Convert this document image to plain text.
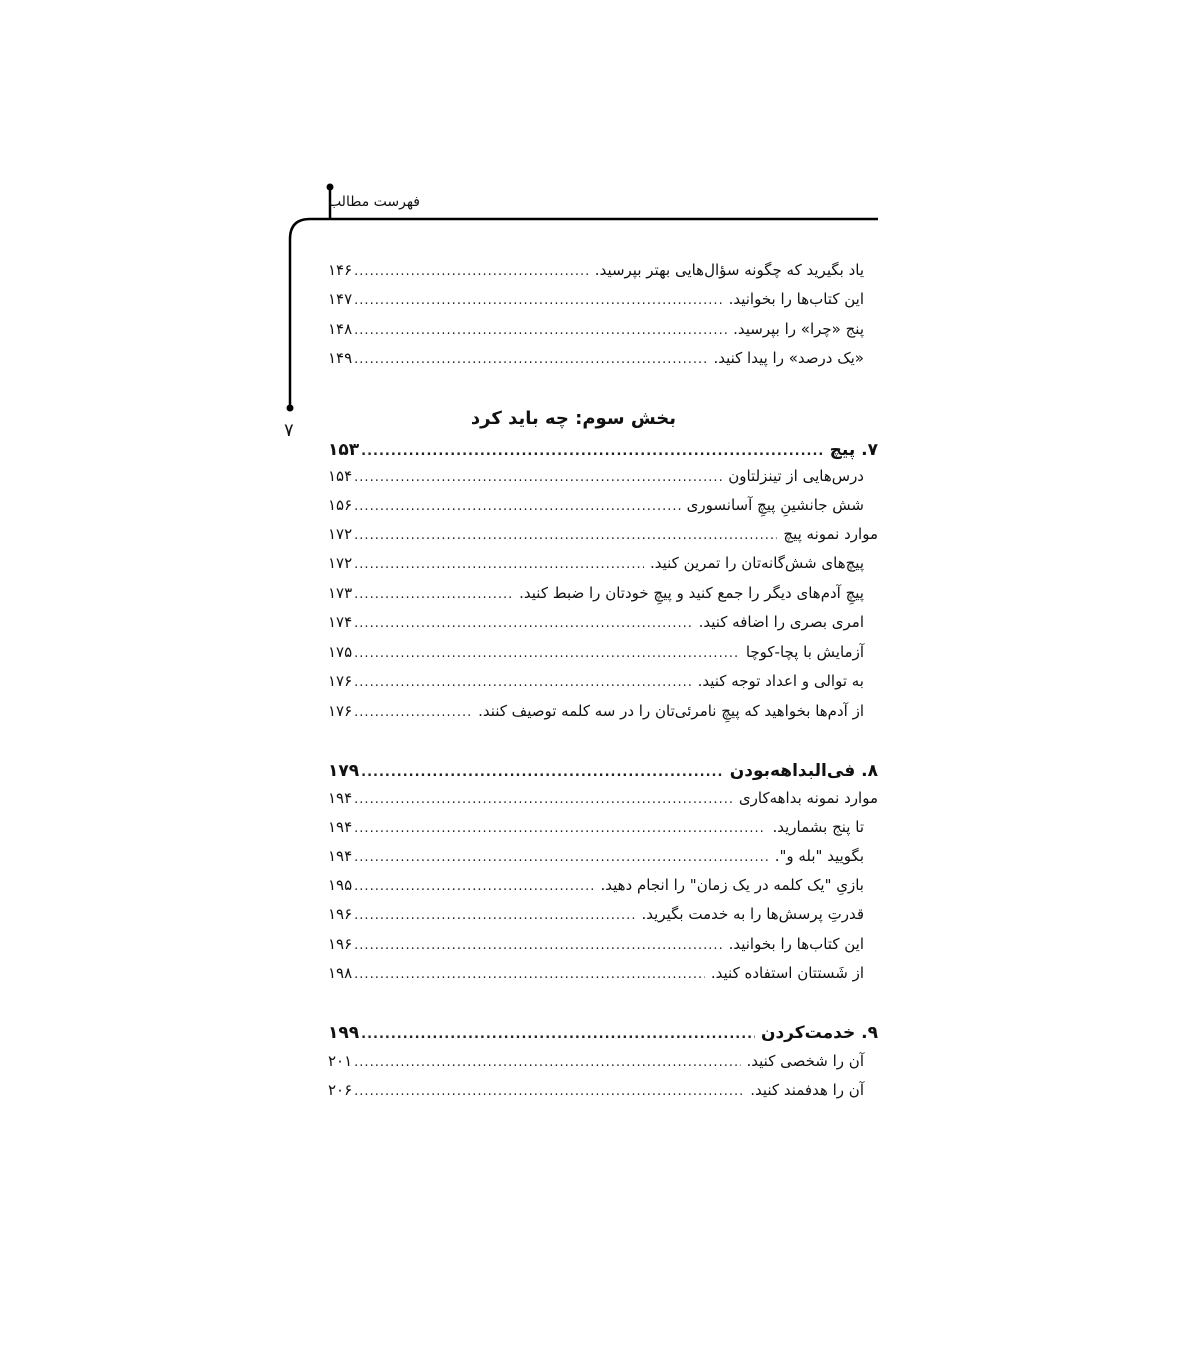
فهرست مطالب
۷
یاد بگیرید که چگونه سؤال‌هایی بهتر بپرسید.
.....
۱۴۶
این کتاب‌ها را بخوانید.
.....
۱۴۷
پنج «چرا» را بپرسید.
.....
۱۴۸
«یک درصد» را پیدا کنید.
.....
۱۴۹
بخش سوم: چه باید کرد
۷. پیچ
.....
۱۵۳
درس‌هایی از تینزلتاون
.....
۱۵۴
شش جانشینِ پیچِ آسانسوری
.....
۱۵۶
موارد نمونه پیچ
.....
۱۷۲
پیچ‌های شش‌گانه‌تان را تمرین کنید.
.....
۱۷۲
پیچِ آدم‌های دیگر را جمع کنید و پیچِ خودتان را ضبط کنید.
.....
۱۷۳
امری بصری را اضافه کنید.
.....
۱۷۴
آزمایش با پچا-کوچا
.....
۱۷۵
به توالی و اعداد توجه کنید.
.....
۱۷۶
از آدم‌ها بخواهید که پیچِ نامرئی‌تان را در سه کلمه توصیف کنند.
.....
۱۷۶
۸. فی‌البداهه‌بودن
.....
۱۷۹
موارد نمونه بداهه‌کاری
.....
۱۹۴
تا پنج بشمارید.
.....
۱۹۴
بگویید "بله و".
.....
۱۹۴
بازیِ "یک کلمه در یک زمان" را انجام دهید.
.....
۱۹۵
قدرتِ پرسش‌ها را به خدمت بگیرید.
.....
۱۹۶
این کتاب‌ها را بخوانید.
.....
۱۹۶
از شَستتان استفاده کنید.
.....
۱۹۸
۹. خدمت‌کردن
.....
۱۹۹
آن را شخصی کنید.
.....
۲۰۱
آن را هدفمند کنید.
.....
۲۰۶
